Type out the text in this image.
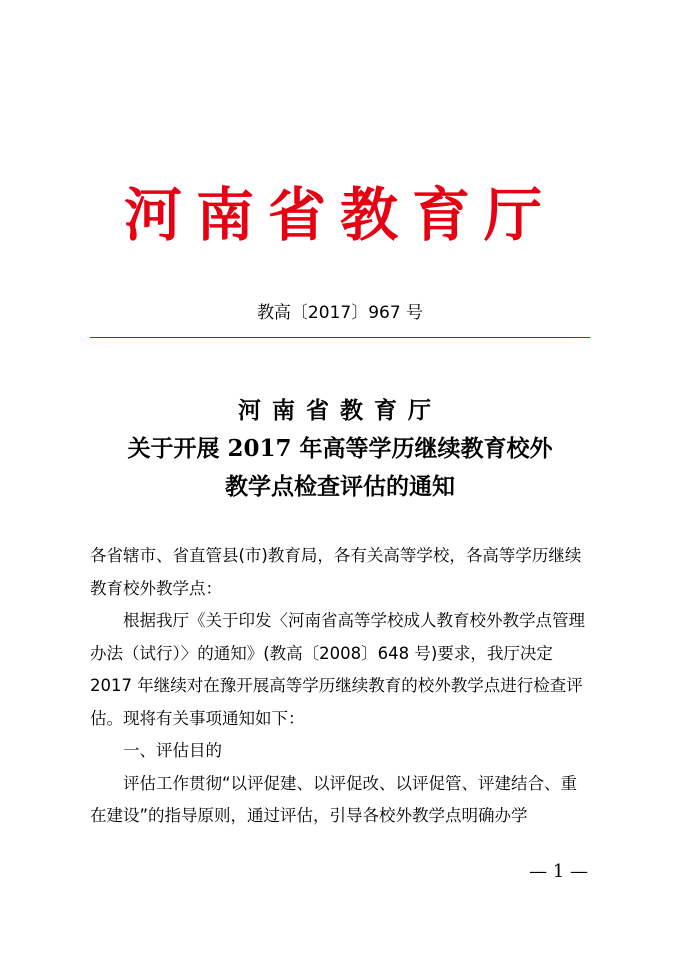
河南省教育厅
教高〔2017〕967 号
河南省教育厅
关于开展 2017 年高等学历继续教育校外
教学点检查评估的通知

各省辖市、省直管县(市)教育局，各有关高等学校，各高等学历继续教育校外教学点：

根据我厅《关于印发〈河南省高等学校成人教育校外教学点管理办法（试行）〉的通知》(教高〔2008〕648 号)要求，我厅决定 2017 年继续对在豫开展高等学历继续教育的校外教学点进行检查评估。现将有关事项通知如下：

一、评估目的

评估工作贯彻“以评促建、以评促改、以评促管、评建结合、重在建设”的指导原则，通过评估，引导各校外教学点明确办学

— 1 —
